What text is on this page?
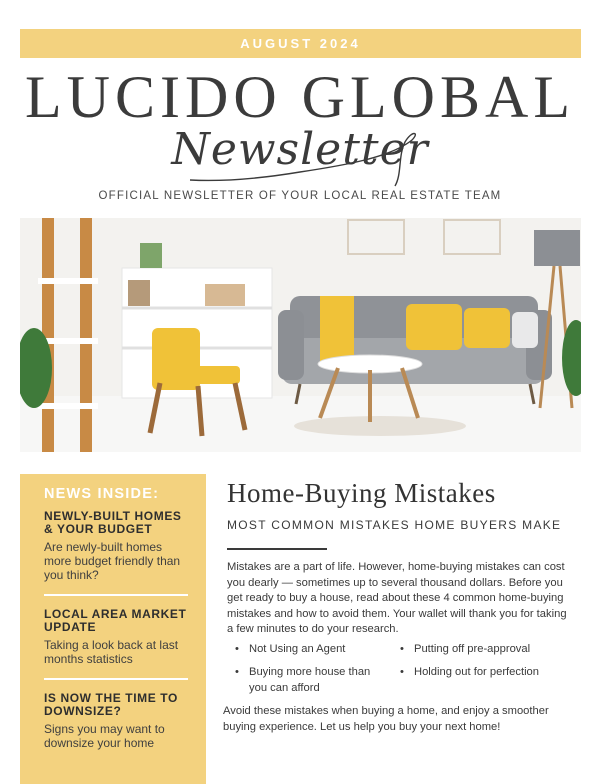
AUGUST 2024
LUCIDO GLOBAL
Newsletter
OFFICIAL NEWSLETTER OF YOUR LOCAL REAL ESTATE TEAM
NEWS INSIDE:
NEWLY-BUILT HOMES & YOUR BUDGET
Are newly-built homes more budget friendly than you think?
LOCAL AREA MARKET UPDATE
Taking a look back at last months statistics
IS NOW THE TIME TO DOWNSIZE?
Signs you may want to downsize your home
Home-Buying Mistakes
MOST COMMON MISTAKES HOME BUYERS MAKE

Mistakes are a part of life. However, home-buying mistakes can cost you dearly — sometimes up to several thousand dollars. Before you get ready to buy a house, read about these 4 common home-buying mistakes and how to avoid them. Your wallet will thank you for taking a few minutes to do your research.

• Not Using an Agent	• Putting off pre-approval
• Buying more house than you can afford
• Holding out for perfection

Avoid these mistakes when buying a home, and enjoy a smoother buying experience. Let us help you buy your next home!
